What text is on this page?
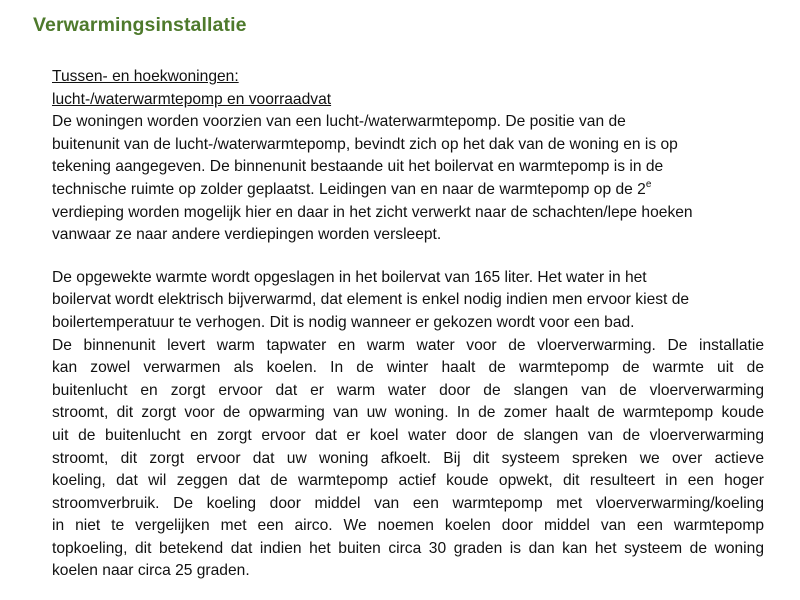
Verwarmingsinstallatie
Tussen- en hoekwoningen:
lucht-/waterwarmtepomp en voorraadvat
De woningen worden voorzien van een lucht-/waterwarmtepomp. De positie van de
buitenunit van de lucht-/waterwarmtepomp, bevindt zich op het dak van de woning en is op
tekening aangegeven. De binnenunit bestaande uit het boilervat en warmtepomp is in de
technische ruimte op zolder geplaatst. Leidingen van en naar de warmtepomp op de 2e
verdieping worden mogelijk hier en daar in het zicht verwerkt naar de schachten/lepe hoeken
vanwaar ze naar andere verdiepingen worden versleept.
De opgewekte warmte wordt opgeslagen in het boilervat van 165 liter. Het water in het
boilervat wordt elektrisch bijverwarmd, dat element is enkel nodig indien men ervoor kiest de
boilertemperatuur te verhogen. Dit is nodig wanneer er gekozen wordt voor een bad.
De binnenunit levert warm tapwater en warm water voor de vloerverwarming. De installatie
kan zowel verwarmen als koelen. In de winter haalt de warmtepomp de warmte uit de
buitenlucht en zorgt ervoor dat er warm water door de slangen van de vloerverwarming
stroomt, dit zorgt voor de opwarming van uw woning. In de zomer haalt de warmtepomp koude
uit de buitenlucht en zorgt ervoor dat er koel water door de slangen van de vloerverwarming
stroomt, dit zorgt ervoor dat uw woning afkoelt. Bij dit systeem spreken we over actieve
koeling, dat wil zeggen dat de warmtepomp actief koude opwekt, dit resulteert in een hoger
stroomverbruik. De koeling door middel van een warmtepomp met vloerverwarming/koeling
in niet te vergelijken met een airco. We noemen koelen door middel van een warmtepomp
topkoeling, dit betekend dat indien het buiten circa 30 graden is dan kan het systeem de woning
koelen naar circa 25 graden.
